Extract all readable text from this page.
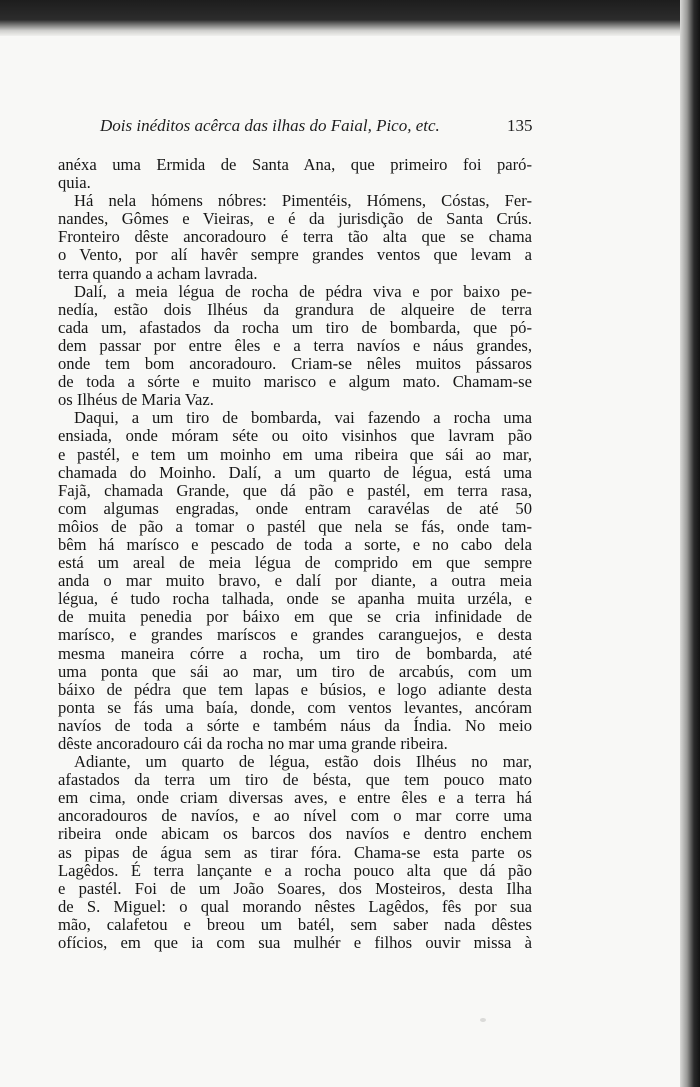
Dois inéditos acêrca das ilhas do Faial, Pico, etc.	135
anéxa uma Ermida de Santa Ana, que primeiro foi paró-
quia.
Há nela hómens nóbres: Pimentéis, Hómens, Cóstas, Fer-
nandes, Gômes e Vieiras, e é da jurisdição de Santa Crús.
Fronteiro dêste ancoradouro é terra tão alta que se chama
o Vento, por alí havêr sempre grandes ventos que levam a
terra quando a acham lavrada.
Dalí, a meia légua de rocha de pédra viva e por baixo pe-
nedía, estão dois Ilhéus da grandura de alqueire de terra
cada um, afastados da rocha um tiro de bombarda, que pó-
dem passar por entre êles e a terra navíos e náus grandes,
onde tem bom ancoradouro. Criam-se nêles muitos pássaros
de toda a sórte e muito marisco e algum mato. Chamam-se
os Ilhéus de Maria Vaz.
Daqui, a um tiro de bombarda, vai fazendo a rocha uma
ensiada, onde móram séte ou oito visinhos que lavram pão
e pastél, e tem um moinho em uma ribeira que sái ao mar,
chamada do Moinho. Dalí, a um quarto de légua, está uma
Fajã, chamada Grande, que dá pão e pastél, em terra rasa,
com algumas engradas, onde entram caravélas de até 50
môios de pão a tomar o pastél que nela se fás, onde tam-
bêm há marísco e pescado de toda a sorte, e no cabo dela
está um areal de meia légua de comprido em que sempre
anda o mar muito bravo, e dalí por diante, a outra meia
légua, é tudo rocha talhada, onde se apanha muita urzéla, e
de muita penedia por báixo em que se cria infinidade de
marísco, e grandes maríscos e grandes caranguejos, e desta
mesma maneira córre a rocha, um tiro de bombarda, até
uma ponta que sái ao mar, um tiro de arcabús, com um
báixo de pédra que tem lapas e búsios, e logo adiante desta
ponta se fás uma baía, donde, com ventos levantes, ancóram
navíos de toda a sórte e também náus da Índia. No meio
dêste ancoradouro cái da rocha no mar uma grande ribeira.
Adiante, um quarto de légua, estão dois Ilhéus no mar,
afastados da terra um tiro de bésta, que tem pouco mato
em cima, onde criam diversas aves, e entre êles e a terra há
ancoradouros de navíos, e ao nível com o mar corre uma
ribeira onde abicam os barcos dos navíos e dentro enchem
as pipas de água sem as tirar fóra. Chama-se esta parte os
Lagêdos. É terra lançante e a rocha pouco alta que dá pão
e pastél. Foi de um João Soares, dos Mosteiros, desta Ilha
de S. Miguel: o qual morando nêstes Lagêdos, fês por sua
mão, calafetou e breou um batél, sem saber nada dêstes
ofícios, em que ia com sua mulhér e filhos ouvir missa à
